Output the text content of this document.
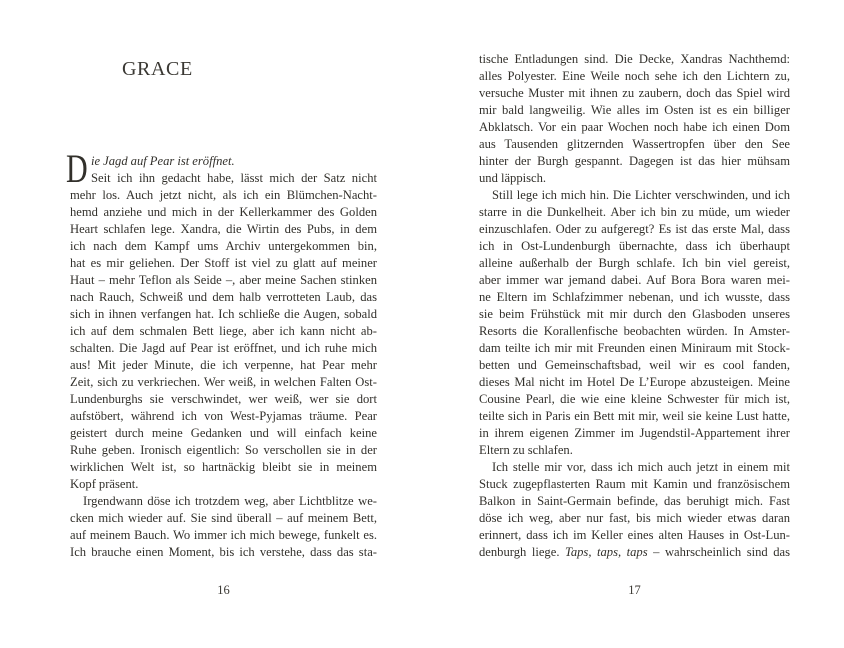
GRACE
D ie Jagd auf Pear ist eröffnet.
Seit ich ihn gedacht habe, lässt mich der Satz nicht
mehr los. Auch jetzt nicht, als ich ein Blümchen-Nacht-
hemd anziehe und mich in der Kellerkammer des Golden
Heart schlafen lege. Xandra, die Wirtin des Pubs, in dem
ich nach dem Kampf ums Archiv untergekommen bin,
hat es mir geliehen. Der Stoff ist viel zu glatt auf meiner
Haut – mehr Teflon als Seide –, aber meine Sachen stinken
nach Rauch, Schweiß und dem halb verrotteten Laub, das
sich in ihnen verfangen hat. Ich schließe die Augen, sobald
ich auf dem schmalen Bett liege, aber ich kann nicht ab-
schalten. Die Jagd auf Pear ist eröffnet, und ich ruhe mich
aus! Mit jeder Minute, die ich verpenne, hat Pear mehr
Zeit, sich zu verkriechen. Wer weiß, in welchen Falten Ost-
Lundenburghs sie verschwindet, wer weiß, wer sie dort
aufstöbert, während ich von West-Pyjamas träume. Pear
geistert durch meine Gedanken und will einfach keine
Ruhe geben. Ironisch eigentlich: So verschollen sie in der
wirklichen Welt ist, so hartnäckig bleibt sie in meinem
Kopf präsent.
Irgendwann döse ich trotzdem weg, aber Lichtblitze we-
cken mich wieder auf. Sie sind überall – auf meinem Bett,
auf meinem Bauch. Wo immer ich mich bewege, funkelt es.
Ich brauche einen Moment, bis ich verstehe, dass das sta-
16
tische Entladungen sind. Die Decke, Xandras Nachthemd:
alles Polyester. Eine Weile noch sehe ich den Lichtern zu,
versuche Muster mit ihnen zu zaubern, doch das Spiel wird
mir bald langweilig. Wie alles im Osten ist es ein billiger
Abklatsch. Vor ein paar Wochen noch habe ich einen Dom
aus Tausenden glitzernden Wassertropfen über den See
hinter der Burgh gespannt. Dagegen ist das hier mühsam
und läppisch.
Still lege ich mich hin. Die Lichter verschwinden, und ich
starre in die Dunkelheit. Aber ich bin zu müde, um wieder
einzuschlafen. Oder zu aufgeregt? Es ist das erste Mal, dass
ich in Ost-Lundenburgh übernachte, dass ich überhaupt
alleine außerhalb der Burgh schlafe. Ich bin viel gereist,
aber immer war jemand dabei. Auf Bora Bora waren mei-
ne Eltern im Schlafzimmer nebenan, und ich wusste, dass
sie beim Frühstück mit mir durch den Glasboden unseres
Resorts die Korallenfische beobachten würden. In Amster-
dam teilte ich mir mit Freunden einen Miniraum mit Stock-
betten und Gemeinschaftsbad, weil wir es cool fanden,
dieses Mal nicht im Hotel De L’Europe abzusteigen. Meine
Cousine Pearl, die wie eine kleine Schwester für mich ist,
teilte sich in Paris ein Bett mit mir, weil sie keine Lust hatte,
in ihrem eigenen Zimmer im Jugendstil-Appartement ihrer
Eltern zu schlafen.
Ich stelle mir vor, dass ich mich auch jetzt in einem mit
Stuck zugepflasterten Raum mit Kamin und französischem
Balkon in Saint-Germain befinde, das beruhigt mich. Fast
döse ich weg, aber nur fast, bis mich wieder etwas daran
erinnert, dass ich im Keller eines alten Hauses in Ost-Lun-
denburgh liege. Taps, taps, taps – wahrscheinlich sind das
17
